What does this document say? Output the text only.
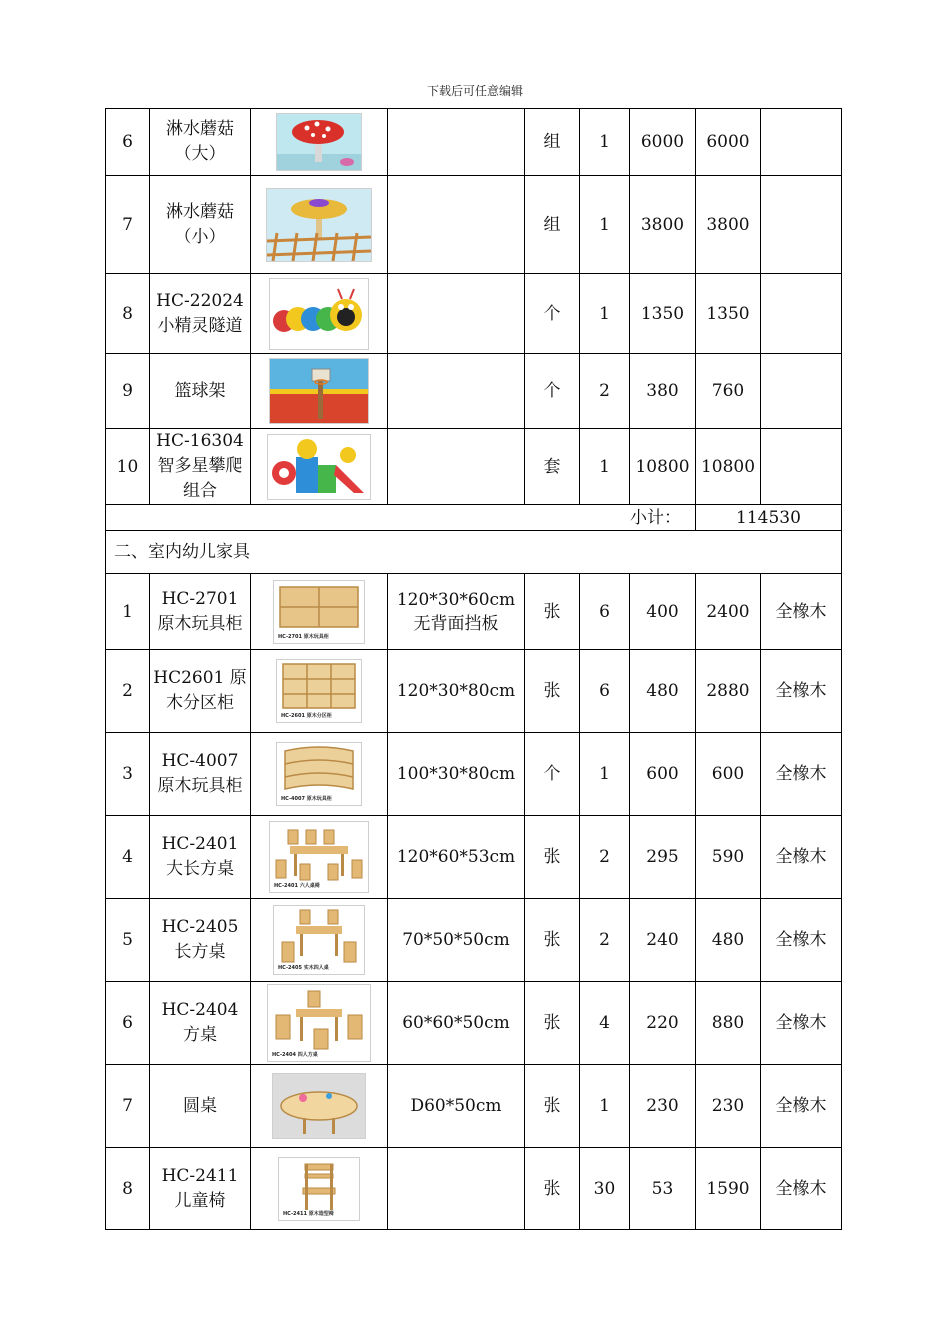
下载后可任意编辑
6	淋水蘑菇（大）			组	1	6000	6000	
7	淋水蘑菇（小）			组	1	3800	3800	
8	HC-22024 小精灵隧道			个	1	1350	1350	
9	篮球架			个	2	380	760	
10	HC-16304 智多星攀爬组合			套	1	10800	10800	
小计：							114530	
二、室内幼儿家具								
1	HC-2701 原木玩具柜	HC-2701 原木玩具柜	120*30*60cm 无背面挡板	张	6	400	2400	全橡木
2	HC2601 原木分区柜	HC-2601 原木分区柜	120*30*80cm	张	6	480	2880	全橡木
3	HC-4007 原木玩具柜	HC-4007 原木玩具柜	100*30*80cm	个	1	600	600	全橡木
4	HC-2401 大长方桌	HC-2401 六人桌椅	120*60*53cm	张	2	295	590	全橡木
5	HC-2405 长方桌	HC-2405 实木四人桌	70*50*50cm	张	2	240	480	全橡木
6	HC-2404 方桌	HC-2404 四人方桌	60*60*50cm	张	4	220	880	全橡木
7	圆桌		D60*50cm	张	1	230	230	全橡木
8	HC-2411 儿童椅	HC-2411 原木造型椅		张	30	53	1590	全橡木
